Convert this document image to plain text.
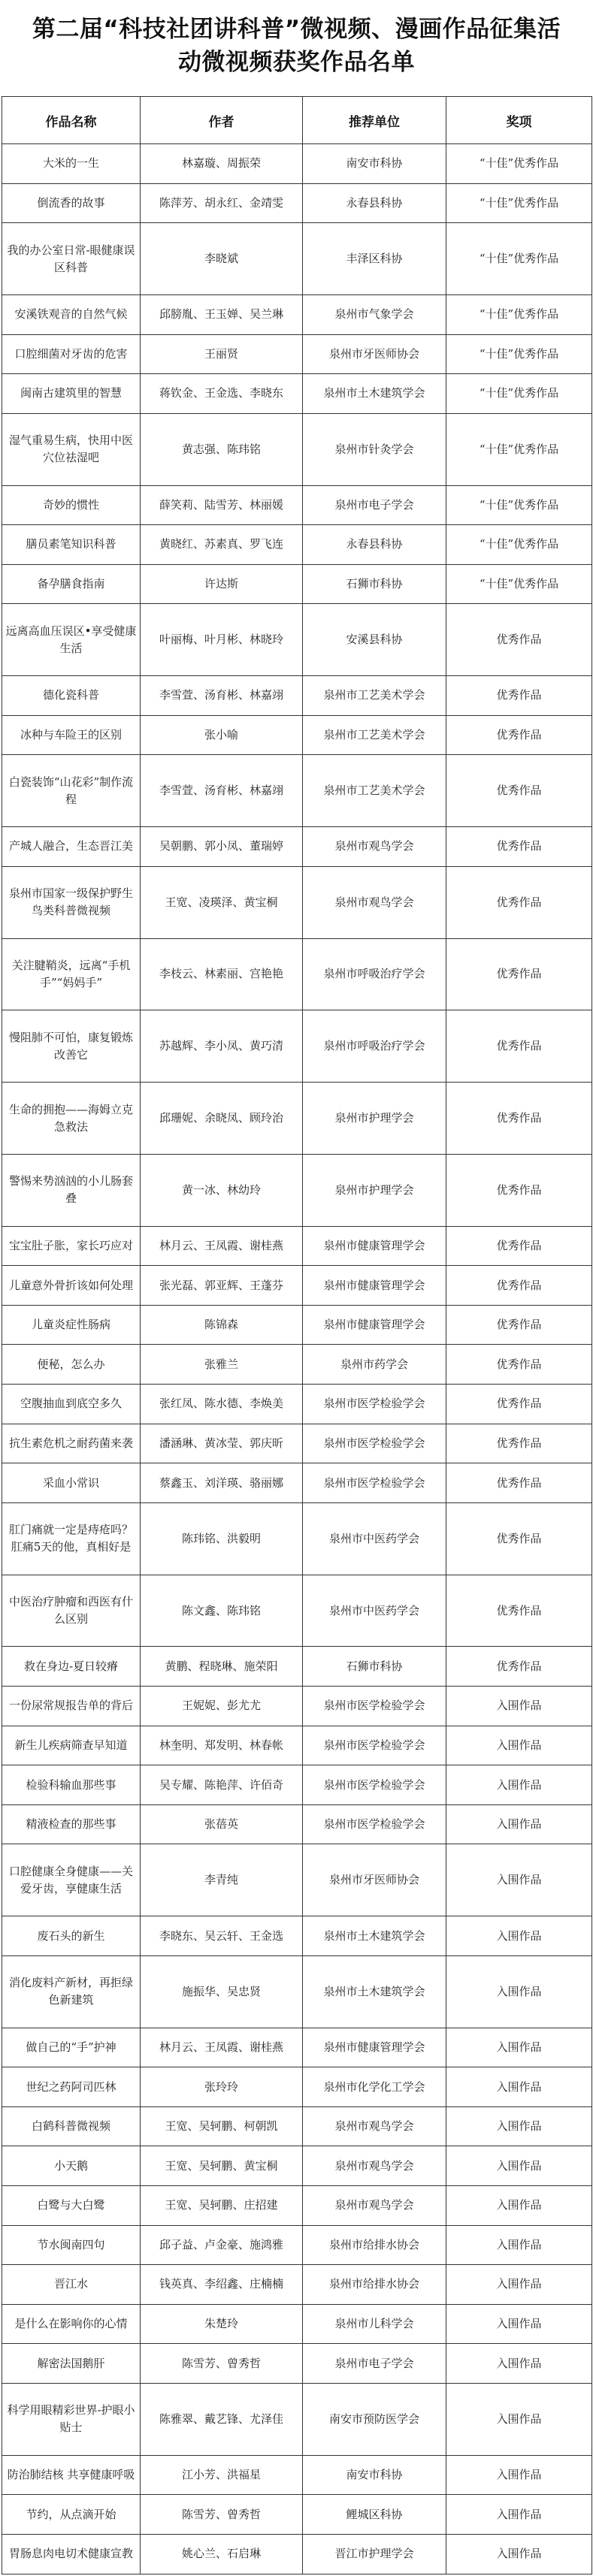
第二届“科技社团讲科普”微视频、漫画作品征集活
动微视频获奖作品名单
作品名称	作者	推荐单位	奖项
大米的一生	林嘉璇、周振荣	南安市科协	“十佳”优秀作品
倒流香的故事	陈萍芳、胡永红、金靖雯	永春县科协	“十佳”优秀作品
我的办公室日常-眼健康误区科普	李晓斌	丰泽区科协	“十佳”优秀作品
安溪铁观音的自然气候	邱膀胤、王玉婵、吴兰琳	泉州市气象学会	“十佳”优秀作品
口腔细菌对牙齿的危害	王丽贤	泉州市牙医师协会	“十佳”优秀作品
闽南古建筑里的智慧	蒋钦金、王金选、李晓东	泉州市土木建筑学会	“十佳”优秀作品
湿气重易生病，快用中医穴位祛湿吧	黄志强、陈玮铭	泉州市针灸学会	“十佳”优秀作品
奇妙的惯性	薛笑莉、陆雪芳、林丽媛	泉州市电子学会	“十佳”优秀作品
膳员素笔知识科普	黄晓红、苏素真、罗飞连	永春县科协	“十佳”优秀作品
备孕膳食指南	许达斯	石狮市科协	“十佳”优秀作品
远离高血压误区•享受健康生活	叶丽梅、叶月彬、林晓玲	安溪县科协	优秀作品
德化瓷科普	李雪萱、汤育彬、林嘉翊	泉州市工艺美术学会	优秀作品
冰种与车险王的区别	张小喻	泉州市工艺美术学会	优秀作品
白瓷装饰“山花彩”制作流程	李雪萱、汤育彬、林嘉翊	泉州市工艺美术学会	优秀作品
产城人融合，生态晋江美	吴朝鹏、郭小凤、董瑞婷	泉州市观鸟学会	优秀作品
泉州市国家一级保护野生鸟类科普微视频	王宽、凌瑛泽、黄宝桐	泉州市观鸟学会	优秀作品
关注腱鞘炎，远离“手机手”“妈妈手”	李枝云、林素丽、宫艳艳	泉州市呼吸治疗学会	优秀作品
慢阻肺不可怕，康复锻炼改善它	苏越辉、李小凤、黄巧清	泉州市呼吸治疗学会	优秀作品
生命的拥抱——海姆立克急救法	邱珊妮、余晓凤、顾玲治	泉州市护理学会	优秀作品
警惕来势汹汹的小儿肠套叠	黄一冰、林幼玲	泉州市护理学会	优秀作品
宝宝肚子胀，家长巧应对	林月云、王凤霞、谢桂燕	泉州市健康管理学会	优秀作品
儿童意外骨折该如何处理	张光磊、郭亚辉、王蓬芬	泉州市健康管理学会	优秀作品
儿童炎症性肠病	陈锦森	泉州市健康管理学会	优秀作品
便秘，怎么办	张雅兰	泉州市药学会	优秀作品
空腹抽血到底空多久	张红凤、陈水德、李焕美	泉州市医学检验学会	优秀作品
抗生素危机之耐药菌来袭	潘涵琳、黄冰莹、郭庆昕	泉州市医学检验学会	优秀作品
采血小常识	蔡鑫玉、刘洋瑛、骆丽娜	泉州市医学检验学会	优秀作品
肛门痛就一定是痔疮吗？肛痛5天的他，真相好是	陈玮铭、洪毅明	泉州市中医药学会	优秀作品
中医治疗肿瘤和西医有什么区别	陈文鑫、陈玮铭	泉州市中医药学会	优秀作品
救在身边-夏日较瘠	黄鹏、程晓琳、施荣阳	石狮市科协	优秀作品
一份尿常规报告单的背后	王妮妮、彭尤尤	泉州市医学检验学会	入围作品
新生儿疾病筛查早知道	林奎明、郑发明、林春帐	泉州市医学检验学会	入围作品
检验科输血那些事	吴专耀、陈艳萍、许佰奇	泉州市医学检验学会	入围作品
精液检查的那些事	张蓓英	泉州市医学检验学会	入围作品
口腔健康全身健康——关爱牙齿，享健康生活	李青纯	泉州市牙医师协会	入围作品
废石头的新生	李晓东、吴云轩、王金选	泉州市土木建筑学会	入围作品
消化废料产新材，再拒绿色新建筑	施振华、吴忠贤	泉州市土木建筑学会	入围作品
做自己的“手”护神	林月云、王凤霞、谢桂燕	泉州市健康管理学会	入围作品
世纪之药阿司匹林	张玲玲	泉州市化学化工学会	入围作品
白鹤科普微视频	王宽、吴轲鹏、柯朝凯	泉州市观鸟学会	入围作品
小天鹅	王宽、吴轲鹏、黄宝桐	泉州市观鸟学会	入围作品
白鹭与大白鹭	王宽、吴轲鹏、庄招建	泉州市观鸟学会	入围作品
节水闽南四句	邱子益、卢金豪、施鸿雅	泉州市给排水协会	入围作品
晋江水	钱英真、李绍鑫、庄楠楠	泉州市给排水协会	入围作品
是什么在影响你的心情	朱楚玲	泉州市儿科学会	入围作品
解密法国鹅肝	陈雪芳、曾秀哲	泉州市电子学会	入围作品
科学用眼精彩世界-护眼小贴士	陈雅翠、戴艺锋、尤泽佳	南安市预防医学会	入围作品
防治肺结核 共享健康呼吸	江小芳、洪福星	南安市科协	入围作品
节约，从点滴开始	陈雪芳、曾秀哲	鲤城区科协	入围作品
胃肠息肉电切术健康宣教	姚心兰、石启琳	晋江市护理学会	入围作品
